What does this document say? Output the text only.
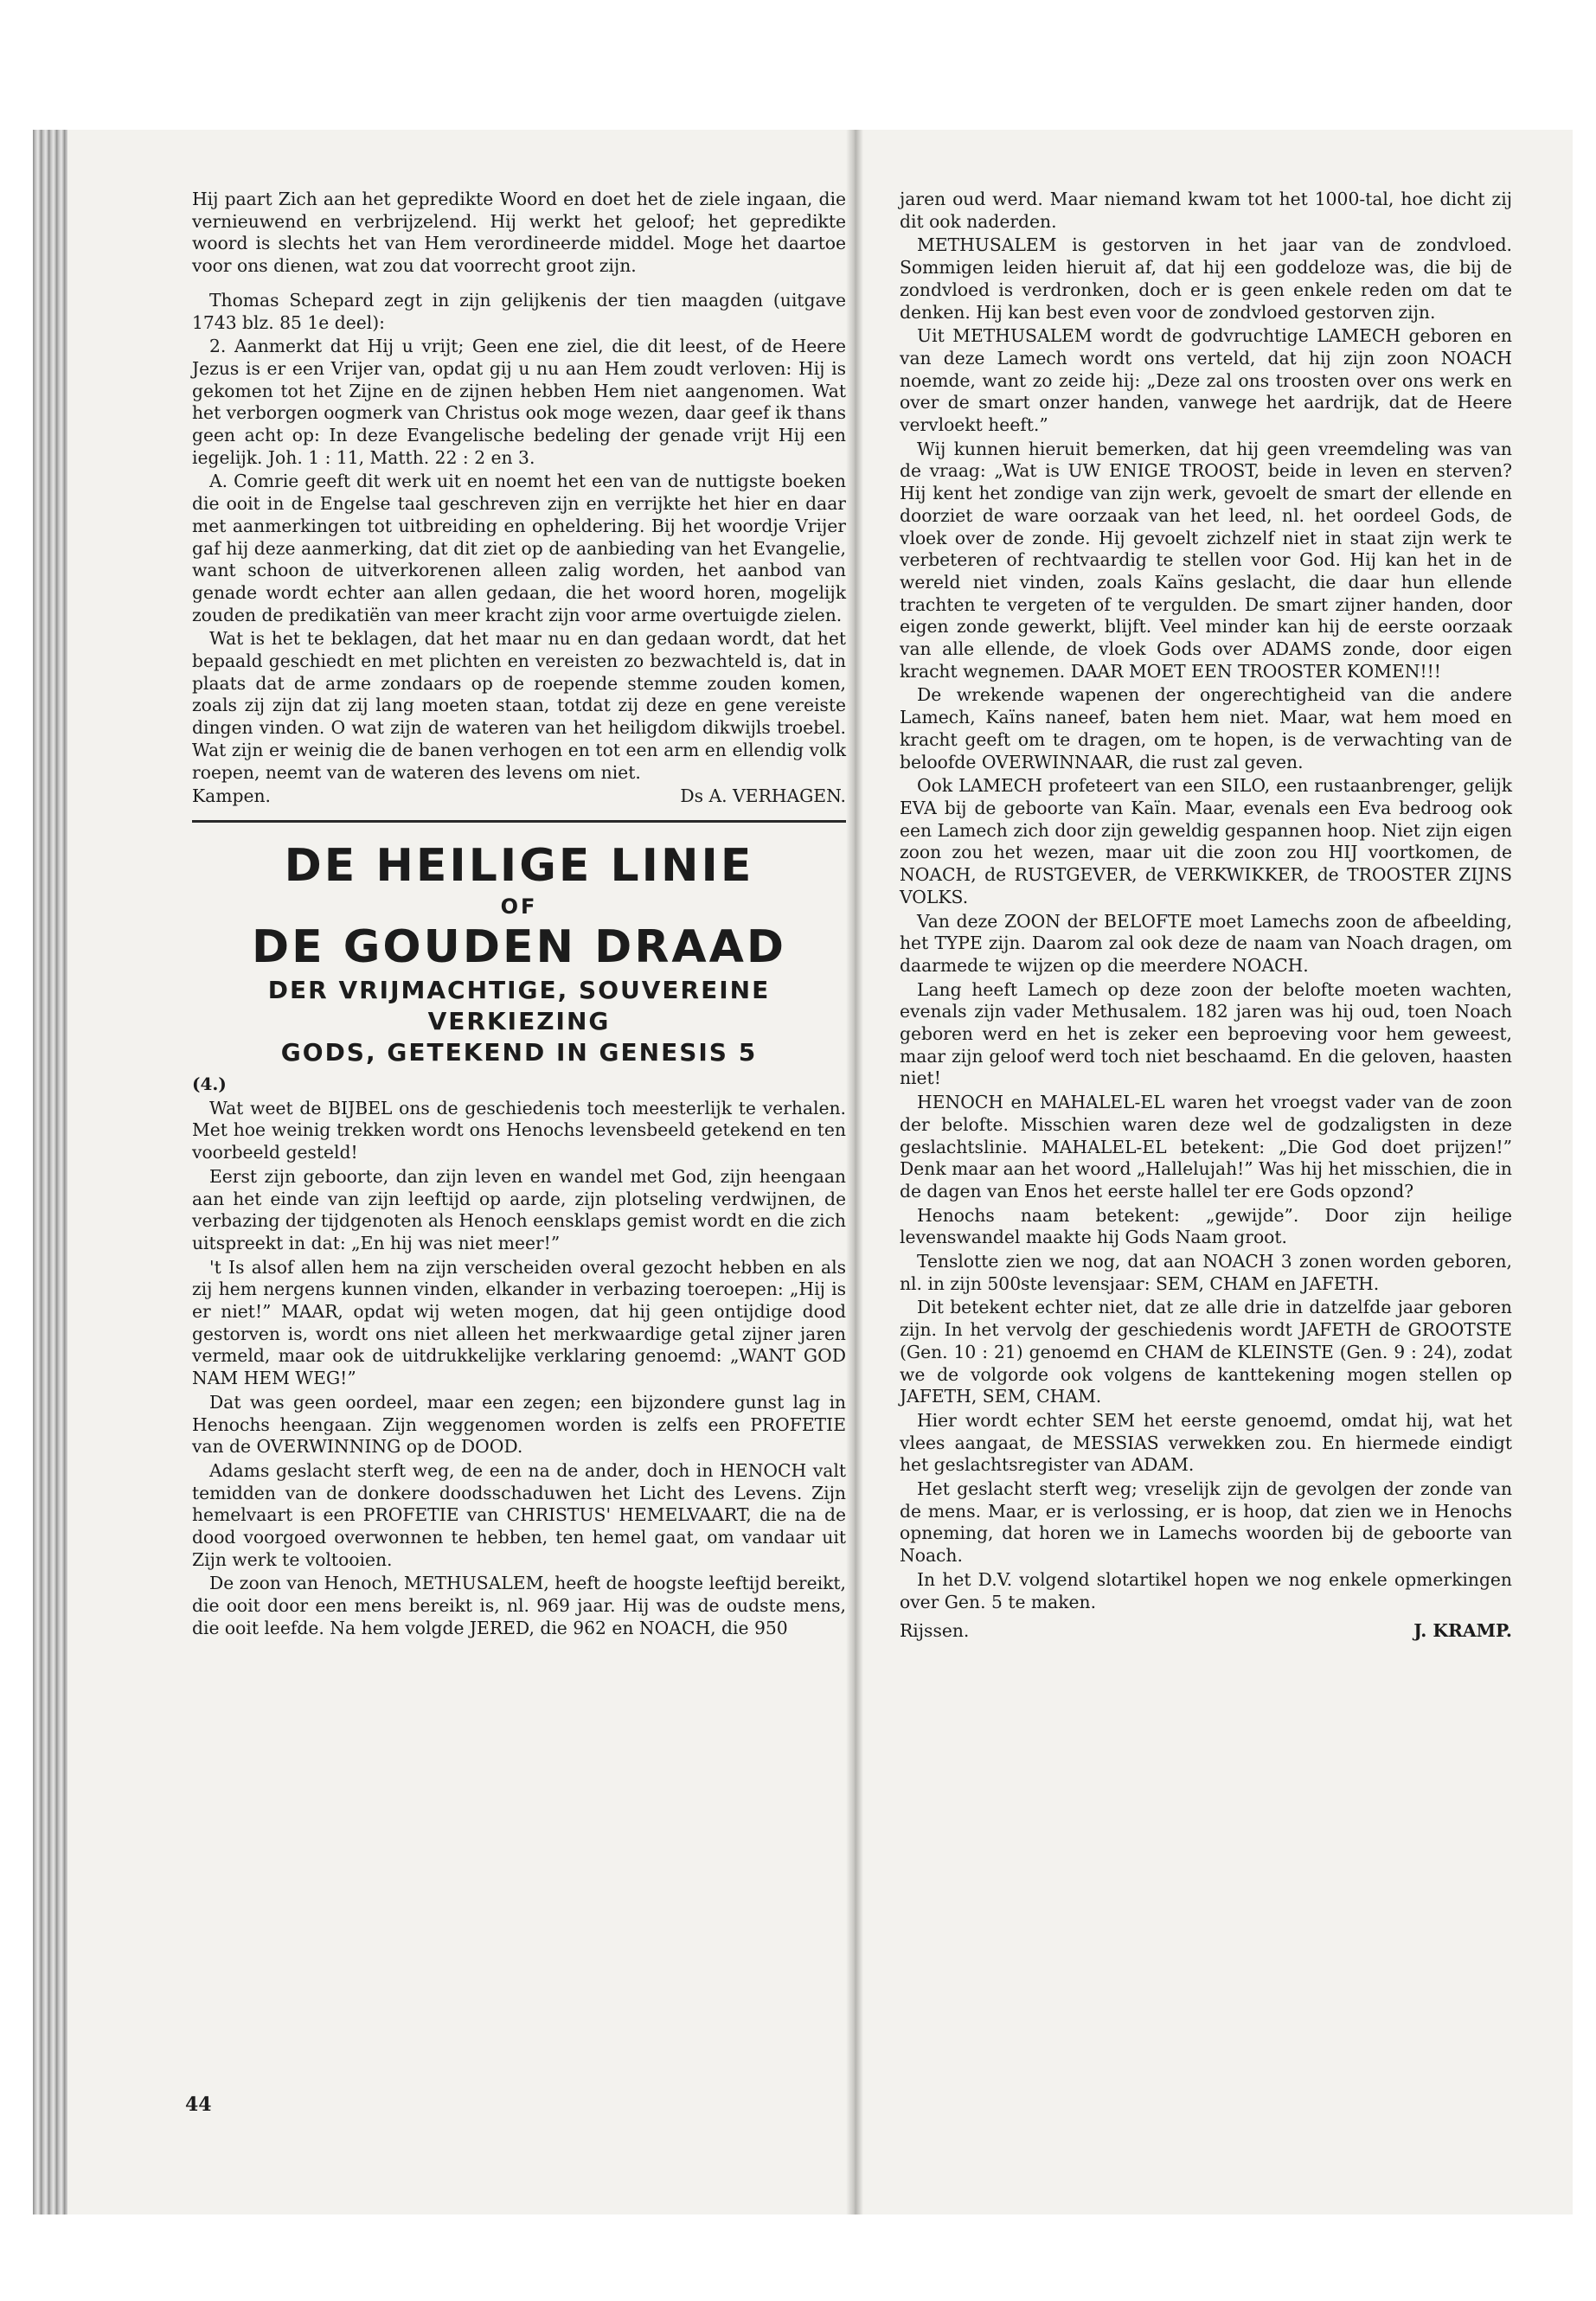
Hij paart Zich aan het gepredikte Woord en doet het de ziele ingaan, die vernieuwend en verbrijzelend. Hij werkt het geloof; het gepredikte woord is slechts het van Hem verordineerde middel. Moge het daartoe voor ons dienen, wat zou dat voorrecht groot zijn.

Thomas Schepard zegt in zijn gelijkenis der tien maagden (uitgave 1743 blz. 85 1e deel):

2. Aanmerkt dat Hij u vrijt; Geen ene ziel, die dit leest, of de Heere Jezus is er een Vrijer van, opdat gij u nu aan Hem zoudt verloven: Hij is gekomen tot het Zijne en de zijnen hebben Hem niet aangenomen. Wat het verborgen oogmerk van Christus ook moge wezen, daar geef ik thans geen acht op: In deze Evangelische bedeling der genade vrijt Hij een iegelijk. Joh. 1 : 11, Matth. 22 : 2 en 3.

A. Comrie geeft dit werk uit en noemt het een van de nuttigste boeken die ooit in de Engelse taal geschreven zijn en verrijkte het hier en daar met aanmerkingen tot uitbreiding en opheldering. Bij het woordje Vrijer gaf hij deze aanmerking, dat dit ziet op de aanbieding van het Evangelie, want schoon de uitverkorenen alleen zalig worden, het aanbod van genade wordt echter aan allen gedaan, die het woord horen, mogelijk zouden de predikatiën van meer kracht zijn voor arme overtuigde zielen.

Wat is het te beklagen, dat het maar nu en dan gedaan wordt, dat het bepaald geschiedt en met plichten en vereisten zo bezwachteld is, dat in plaats dat de arme zondaars op de roepende stemme zouden komen, zoals zij zijn dat zij lang moeten staan, totdat zij deze en gene vereiste dingen vinden. O wat zijn de wateren van het heiligdom dikwijls troebel. Wat zijn er weinig die de banen verhogen en tot een arm en ellendig volk roepen, neemt van de wateren des levens om niet.

Kampen.	Ds A. VERHAGEN.
DE HEILIGE LINIE
OF
DE GOUDEN DRAAD
DER VRIJMACHTIGE, SOUVEREINE VERKIEZING
GODS, GETEKEND IN GENESIS 5
(4.)

Wat weet de BIJBEL ons de geschiedenis toch meesterlijk te verhalen. Met hoe weinig trekken wordt ons Henochs levensbeeld getekend en ten voorbeeld gesteld!

Eerst zijn geboorte, dan zijn leven en wandel met God, zijn heengaan aan het einde van zijn leeftijd op aarde, zijn plotseling verdwijnen, de verbazing der tijdgenoten als Henoch eensklaps gemist wordt en die zich uitspreekt in dat: „En hij was niet meer!”

't Is alsof allen hem na zijn verscheiden overal gezocht hebben en als zij hem nergens kunnen vinden, elkander in verbazing toeroepen: „Hij is er niet!” MAAR, opdat wij weten mogen, dat hij geen ontijdige dood gestorven is, wordt ons niet alleen het merkwaardige getal zijner jaren vermeld, maar ook de uitdrukkelijke verklaring genoemd: „WANT GOD NAM HEM WEG!”

Dat was geen oordeel, maar een zegen; een bijzondere gunst lag in Henochs heengaan. Zijn weggenomen worden is zelfs een PROFETIE van de OVERWINNING op de DOOD.

Adams geslacht sterft weg, de een na de ander, doch in HENOCH valt temidden van de donkere doodsschaduwen het Licht des Levens. Zijn hemelvaart is een PROFETIE van CHRISTUS' HEMELVAART, die na de dood voorgoed overwonnen te hebben, ten hemel gaat, om vandaar uit Zijn werk te voltooien.

De zoon van Henoch, METHUSALEM, heeft de hoogste leeftijd bereikt, die ooit door een mens bereikt is, nl. 969 jaar. Hij was de oudste mens, die ooit leefde. Na hem volgde JERED, die 962 en NOACH, die 950

jaren oud werd. Maar niemand kwam tot het 1000-tal, hoe dicht zij dit ook naderden.

METHUSALEM is gestorven in het jaar van de zondvloed. Sommigen leiden hieruit af, dat hij een goddeloze was, die bij de zondvloed is verdronken, doch er is geen enkele reden om dat te denken. Hij kan best even voor de zondvloed gestorven zijn.

Uit METHUSALEM wordt de godvruchtige LAMECH geboren en van deze Lamech wordt ons verteld, dat hij zijn zoon NOACH noemde, want zo zeide hij: „Deze zal ons troosten over ons werk en over de smart onzer handen, vanwege het aardrijk, dat de Heere vervloekt heeft.”

Wij kunnen hieruit bemerken, dat hij geen vreemdeling was van de vraag: „Wat is UW ENIGE TROOST, beide in leven en sterven? Hij kent het zondige van zijn werk, gevoelt de smart der ellende en doorziet de ware oorzaak van het leed, nl. het oordeel Gods, de vloek over de zonde. Hij gevoelt zichzelf niet in staat zijn werk te verbeteren of rechtvaardig te stellen voor God. Hij kan het in de wereld niet vinden, zoals Kaïns geslacht, die daar hun ellende trachten te vergeten of te vergulden. De smart zijner handen, door eigen zonde gewerkt, blijft. Veel minder kan hij de eerste oorzaak van alle ellende, de vloek Gods over ADAMS zonde, door eigen kracht wegnemen. DAAR MOET EEN TROOSTER KOMEN!!!

De wrekende wapenen der ongerechtigheid van die andere Lamech, Kaïns naneef, baten hem niet. Maar, wat hem moed en kracht geeft om te dragen, om te hopen, is de verwachting van de beloofde OVERWINNAAR, die rust zal geven.

Ook LAMECH profeteert van een SILO, een rustaanbrenger, gelijk EVA bij de geboorte van Kaïn. Maar, evenals een Eva bedroog ook een Lamech zich door zijn geweldig gespannen hoop. Niet zijn eigen zoon zou het wezen, maar uit die zoon zou HIJ voortkomen, de NOACH, de RUSTGEVER, de VERKWIKKER, de TROOSTER ZIJNS VOLKS.

Van deze ZOON der BELOFTE moet Lamechs zoon de afbeelding, het TYPE zijn. Daarom zal ook deze de naam van Noach dragen, om daarmede te wijzen op die meerdere NOACH.

Lang heeft Lamech op deze zoon der belofte moeten wachten, evenals zijn vader Methusalem. 182 jaren was hij oud, toen Noach geboren werd en het is zeker een beproeving voor hem geweest, maar zijn geloof werd toch niet beschaamd. En die geloven, haasten niet!

HENOCH en MAHALEL-EL waren het vroegst vader van de zoon der belofte. Misschien waren deze wel de godzaligsten in deze geslachtslinie. MAHALEL-EL betekent: „Die God doet prijzen!” Denk maar aan het woord „Hallelujah!” Was hij het misschien, die in de dagen van Enos het eerste hallel ter ere Gods opzond?

Henochs naam betekent: „gewijde”. Door zijn heilige levenswandel maakte hij Gods Naam groot.

Tenslotte zien we nog, dat aan NOACH 3 zonen worden geboren, nl. in zijn 500ste levensjaar: SEM, CHAM en JAFETH.

Dit betekent echter niet, dat ze alle drie in datzelfde jaar geboren zijn. In het vervolg der geschiedenis wordt JAFETH de GROOTSTE (Gen. 10 : 21) genoemd en CHAM de KLEINSTE (Gen. 9 : 24), zodat we de volgorde ook volgens de kanttekening mogen stellen op JAFETH, SEM, CHAM.

Hier wordt echter SEM het eerste genoemd, omdat hij, wat het vlees aangaat, de MESSIAS verwekken zou. En hiermede eindigt het geslachtsregister van ADAM.

Het geslacht sterft weg; vreselijk zijn de gevolgen der zonde van de mens. Maar, er is verlossing, er is hoop, dat zien we in Henochs opneming, dat horen we in Lamechs woorden bij de geboorte van Noach.

In het D.V. volgend slotartikel hopen we nog enkele opmerkingen over Gen. 5 te maken.

Rijssen.	J. KRAMP.
44
